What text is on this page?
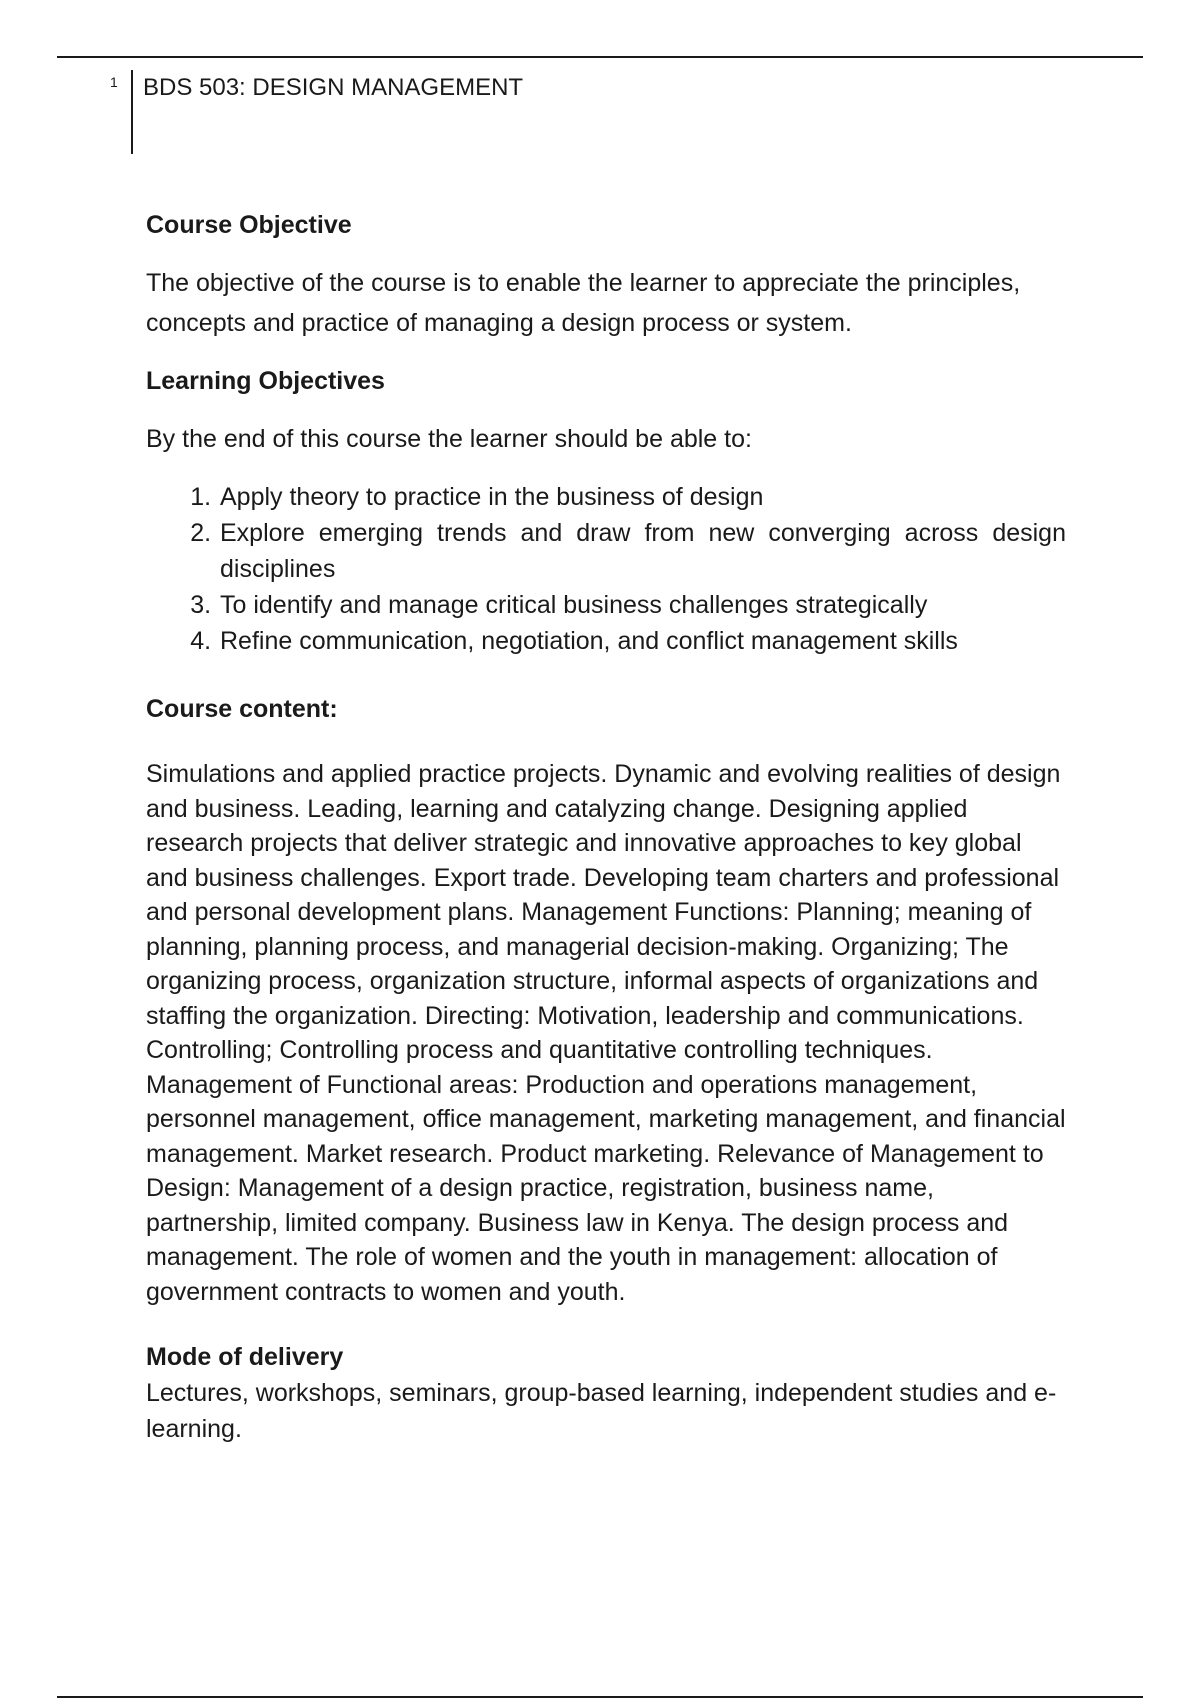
1 BDS 503: DESIGN MANAGEMENT
Course Objective

The objective of the course is to enable the learner to appreciate the principles, concepts and practice of managing a design process or system.

Learning Objectives

By the end of this course the learner should be able to:

1. Apply theory to practice in the business of design
2. Explore emerging trends and draw from new converging across design disciplines
3. To identify and manage critical business challenges strategically
4. Refine communication, negotiation, and conflict management skills
Course content:

Simulations and applied practice projects. Dynamic and evolving realities of design and business. Leading, learning and catalyzing change. Designing applied research projects that deliver strategic and innovative approaches to key global and business challenges. Export trade. Developing team charters and professional and personal development plans. Management Functions: Planning; meaning of planning, planning process, and managerial decision-making. Organizing; The organizing process, organization structure, informal aspects of organizations and staffing the organization. Directing: Motivation, leadership and communications. Controlling; Controlling process and quantitative controlling techniques. Management of Functional areas: Production and operations management, personnel management, office management, marketing management, and financial management. Market research. Product marketing. Relevance of Management to Design: Management of a design practice, registration, business name, partnership, limited company. Business law in Kenya. The design process and management. The role of women and the youth in management: allocation of government contracts to women and youth.

Mode of delivery

Lectures, workshops, seminars, group-based learning, independent studies and e-learning.
